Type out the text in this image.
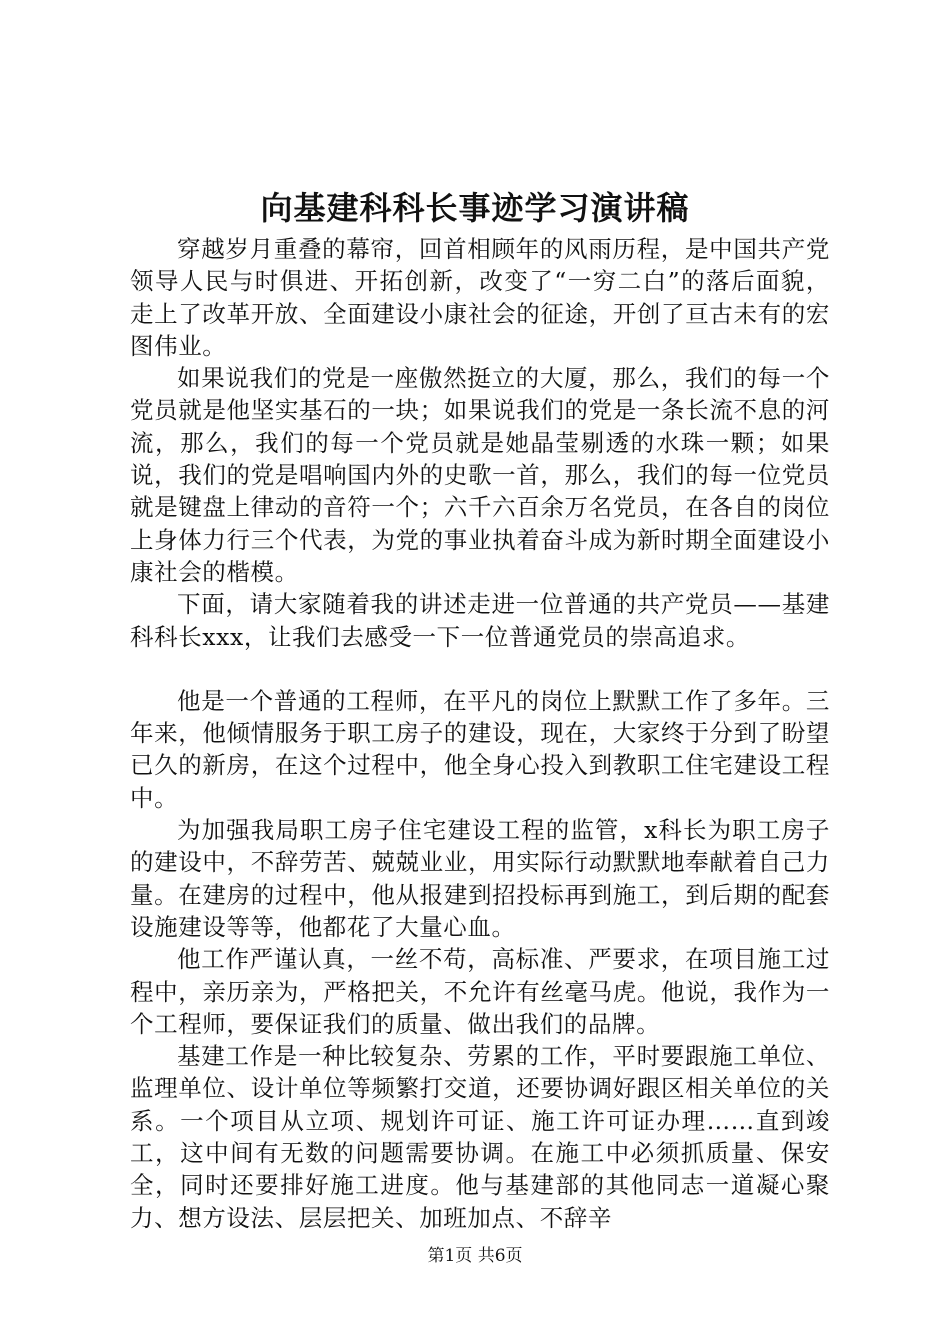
向基建科科长事迹学习演讲稿

穿越岁月重叠的幕帘，回首相顾年的风雨历程，是中国共产党领导人民与时俱进、开拓创新，改变了“一穷二白”的落后面貌，走上了改革开放、全面建设小康社会的征途，开创了亘古未有的宏图伟业。

如果说我们的党是一座傲然挺立的大厦，那么，我们的每一个党员就是他坚实基石的一块；如果说我们的党是一条长流不息的河流，那么，我们的每一个党员就是她晶莹剔透的水珠一颗；如果说，我们的党是唱响国内外的史歌一首，那么，我们的每一位党员就是键盘上律动的音符一个；六千六百余万名党员，在各自的岗位上身体力行三个代表，为党的事业执着奋斗成为新时期全面建设小康社会的楷模。

下面，请大家随着我的讲述走进一位普通的共产党员——基建科科长xxx，让我们去感受一下一位普通党员的崇高追求。

他是一个普通的工程师，在平凡的岗位上默默工作了多年。三年来，他倾情服务于职工房子的建设，现在，大家终于分到了盼望已久的新房，在这个过程中，他全身心投入到教职工住宅建设工程中。

为加强我局职工房子住宅建设工程的监管，x科长为职工房子的建设中，不辞劳苦、兢兢业业，用实际行动默默地奉献着自己力量。在建房的过程中，他从报建到招投标再到施工，到后期的配套设施建设等等，他都花了大量心血。

他工作严谨认真，一丝不苟，高标准、严要求，在项目施工过程中，亲历亲为，严格把关，不允许有丝毫马虎。他说，我作为一个工程师，要保证我们的质量、做出我们的品牌。

基建工作是一种比较复杂、劳累的工作，平时要跟施工单位、监理单位、设计单位等频繁打交道，还要协调好跟区相关单位的关系。一个项目从立项、规划许可证、施工许可证办理……直到竣工，这中间有无数的问题需要协调。在施工中必须抓质量、保安全，同时还要排好施工进度。他与基建部的其他同志一道凝心聚力、想方设法、层层把关、加班加点、不辞辛

第1页 共6页
